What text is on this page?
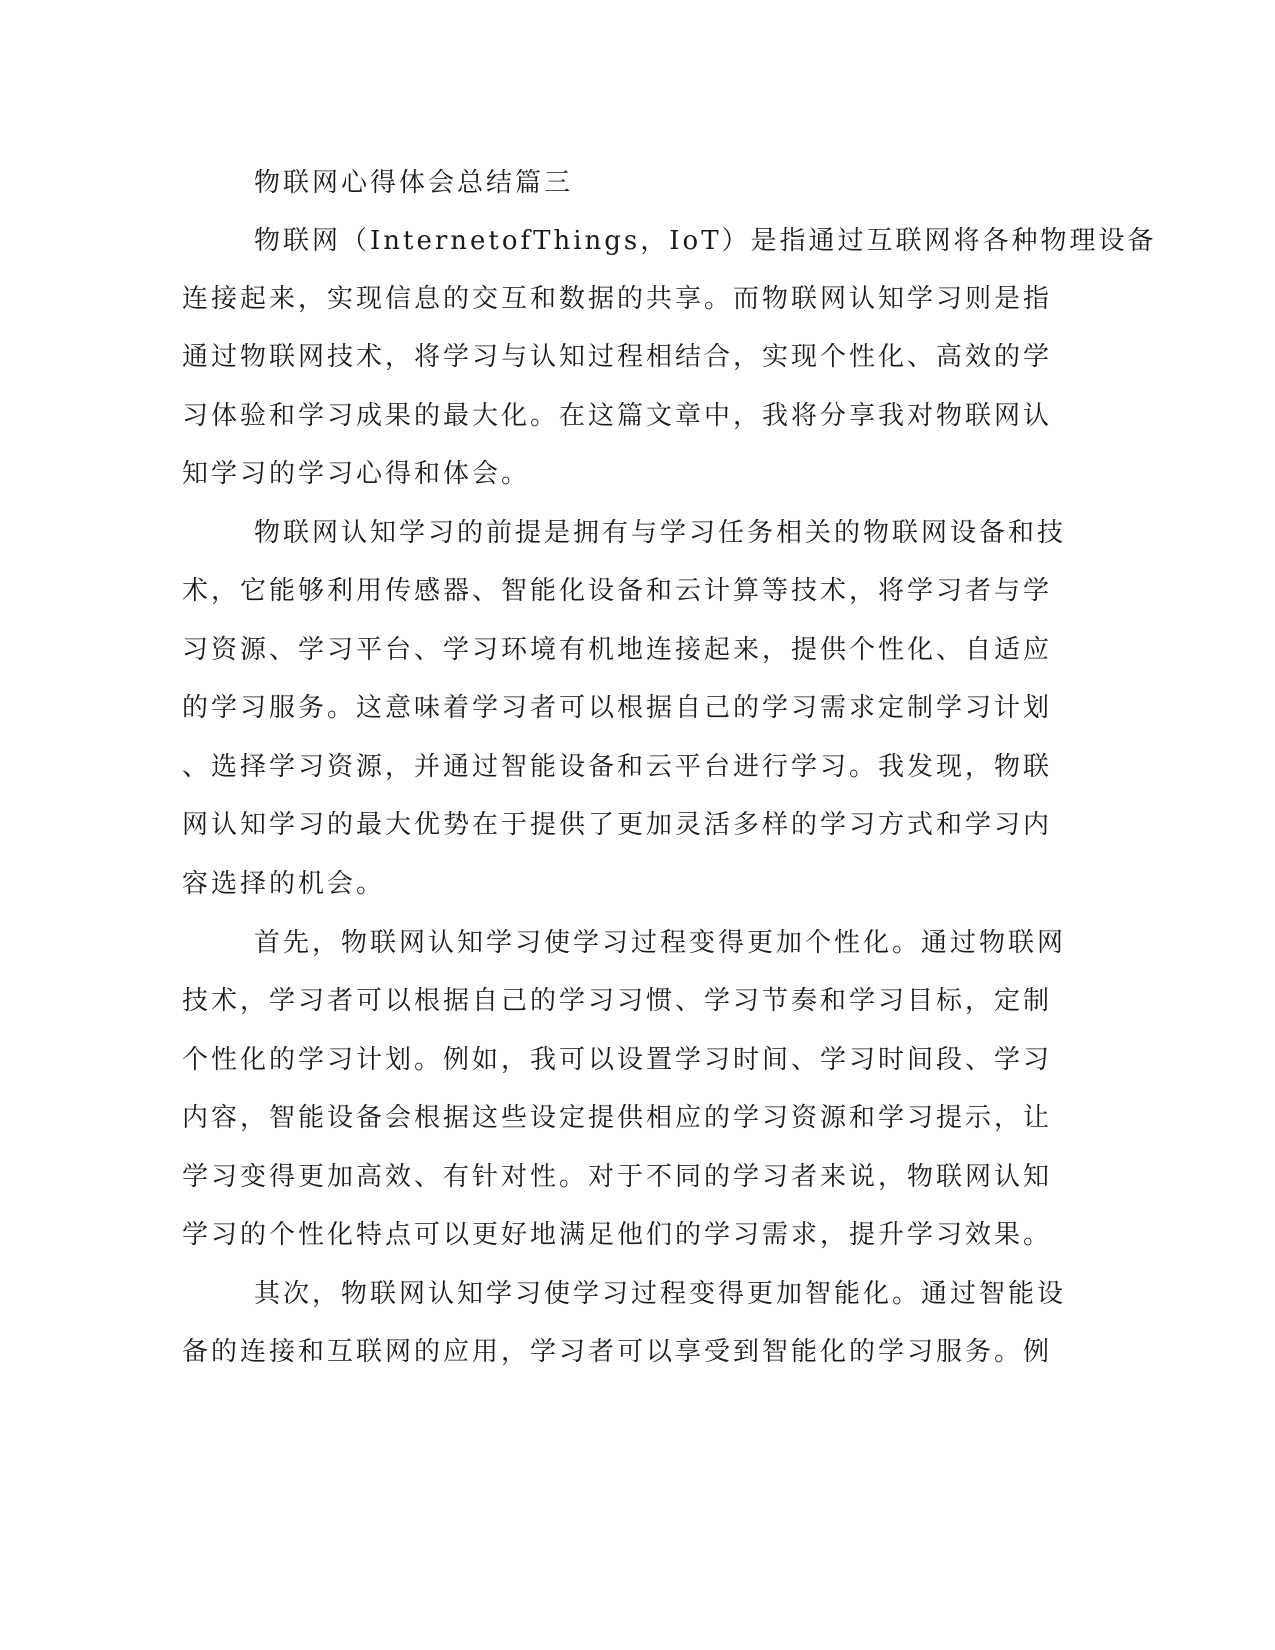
物联网心得体会总结篇三
物联网（InternetofThings，IoT）是指通过互联网将各种物理设备
连接起来，实现信息的交互和数据的共享。而物联网认知学习则是指
通过物联网技术，将学习与认知过程相结合，实现个性化、高效的学
习体验和学习成果的最大化。在这篇文章中，我将分享我对物联网认
知学习的学习心得和体会。
物联网认知学习的前提是拥有与学习任务相关的物联网设备和技
术，它能够利用传感器、智能化设备和云计算等技术，将学习者与学
习资源、学习平台、学习环境有机地连接起来，提供个性化、自适应
的学习服务。这意味着学习者可以根据自己的学习需求定制学习计划
、选择学习资源，并通过智能设备和云平台进行学习。我发现，物联
网认知学习的最大优势在于提供了更加灵活多样的学习方式和学习内
容选择的机会。
首先，物联网认知学习使学习过程变得更加个性化。通过物联网
技术，学习者可以根据自己的学习习惯、学习节奏和学习目标，定制
个性化的学习计划。例如，我可以设置学习时间、学习时间段、学习
内容，智能设备会根据这些设定提供相应的学习资源和学习提示，让
学习变得更加高效、有针对性。对于不同的学习者来说，物联网认知
学习的个性化特点可以更好地满足他们的学习需求，提升学习效果。
其次，物联网认知学习使学习过程变得更加智能化。通过智能设
备的连接和互联网的应用，学习者可以享受到智能化的学习服务。例
